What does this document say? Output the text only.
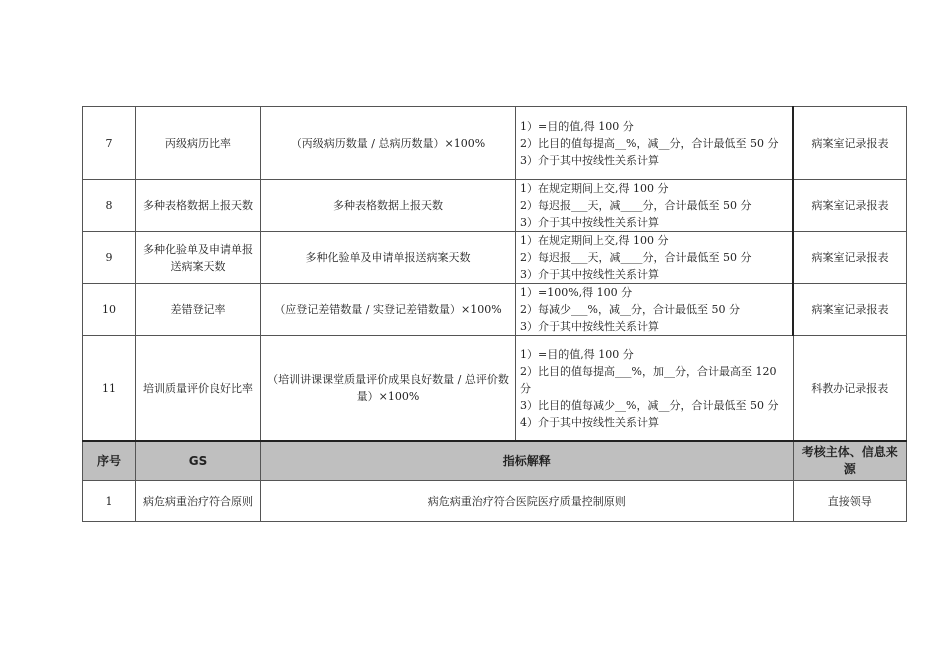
7	丙级病历比率	（丙级病历数量 / 总病历数量）×100%	1）=目的值,得 100 分
2）比目的值每提高__%，减__分，合计最低至 50 分
3）介于其中按线性关系计算	病案室记录报表
8	多种表格数据上报天数	多种表格数据上报天数	1）在规定期间上交,得 100 分
2）每迟报___天，减____分，合计最低至 50 分
3）介于其中按线性关系计算	病案室记录报表
9	多种化验单及申请单报送病案天数	多种化验单及申请单报送病案天数	1）在规定期间上交,得 100 分
2）每迟报___天，减____分，合计最低至 50 分
3）介于其中按线性关系计算	病案室记录报表
10	差错登记率	（应登记差错数量 / 实登记差错数量）×100%	1）=100%,得 100 分
2）每减少___%，减__分，合计最低至 50 分
3）介于其中按线性关系计算	病案室记录报表
11	培训质量评价良好比率	（培训讲课课堂质量评价成果良好数量 / 总评价数量）×100%	1）=目的值,得 100 分
2）比目的值每提高___%，加__分，合计最高至 120 分
3）比目的值每减少__%，减__分，合计最低至 50 分
4）介于其中按线性关系计算	科教办记录报表
序号	GS	指标解释		考核主体、信息来源
1	病危病重治疗符合原则	病危病重治疗符合医院医疗质量控制原则		直接领导
